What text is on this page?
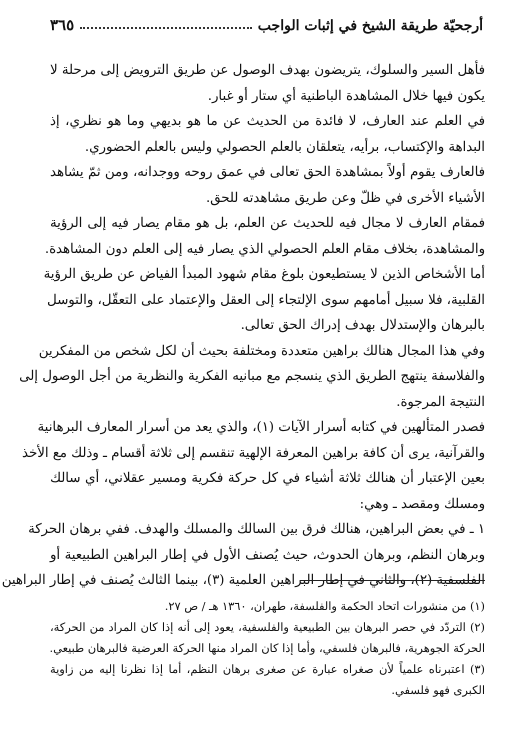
أرجحيّة طريقة الشيخ في إثبات الواجب
٣٦٥
فأهل السير والسلوك، يتريضون بهدف الوصول عن طريق الترويض إلى مرحلة لا
يكون فيها خلال المشاهدة الباطنية أي ستار أو غبار.
في العلم عند العارف، لا فائدة من الحديث عن ما هو بديهي وما هو نظري، إذ
البداهة والإكتساب، برأيه، يتعلقان بالعلم الحصولي وليس بالعلم الحضوري.
فالعارف يقوم أولاً بمشاهدة الحق تعالى في عمق روحه ووجدانه، ومن ثمّ يشاهد
الأشياء الأخرى في ظلّ وعن طريق مشاهدته للحق.
فمقام العارف لا مجال فيه للحديث عن العلم، بل هو مقام يصار فيه إلى الرؤية
والمشاهدة، بخلاف مقام العلم الحصولي الذي يصار فيه إلى العلم دون المشاهدة.
أما الأشخاص الذين لا يستطيعون بلوغ مقام شهود المبدأ الفياض عن طريق الرؤية
القلبية، فلا سبيل أمامهم سوى الإلتجاء إلى العقل والإعتماد على التعقّل، والتوسل
بالبرهان والإستدلال بهدف إدراك الحق تعالى.
وفي هذا المجال هنالك براهين متعددة ومختلفة بحيث أن لكل شخص من المفكرين
والفلاسفة ينتهج الطريق الذي ينسجم مع مبانيه الفكرية والنظرية من أجل الوصول إلى
النتيجة المرجوة.
فصدر المتألهين في كتابه أسرار الآيات (١)، والذي يعد من أسرار المعارف البرهانية
والقرآنية، يرى أن كافة براهين المعرفة الإلهية تنقسم إلى ثلاثة أقسام ـ وذلك مع الأخذ
بعين الإعتبار أن هنالك ثلاثة أشياء في كل حركة فكرية ومسير عقلاني، أي سالك
ومسلك ومقصد ـ وهي:
١ ـ في بعض البراهين، هنالك فرق بين السالك والمسلك والهدف. ففي برهان الحركة
وبرهان النظم، وبرهان الحدوث، حيث يُصنف الأول في إطار البراهين الطبيعية أو
الفلسفية (٢)، والثاني في إطار البراهين العلمية (٣)، بينما الثالث يُصنف في إطار البراهين
(١) من منشورات اتحاد الحكمة والفلسفة، طهران، ١٣٦٠ هـ / ص ٢٧.
(٢) التردّد في حصر البرهان بين الطبيعية والفلسفية، يعود إلى أنه إذا كان المراد من الحركة،
الحركة الجوهرية، فالبرهان فلسفي، وأما إذا كان المراد منها الحركة العرضية فالبرهان طبيعي.
(٣) اعتبرناه علمياً لأن صغراه عبارة عن صغرى برهان النظم، أما إذا نظرنا إليه من زاوية
الكبرى فهو فلسفي.
